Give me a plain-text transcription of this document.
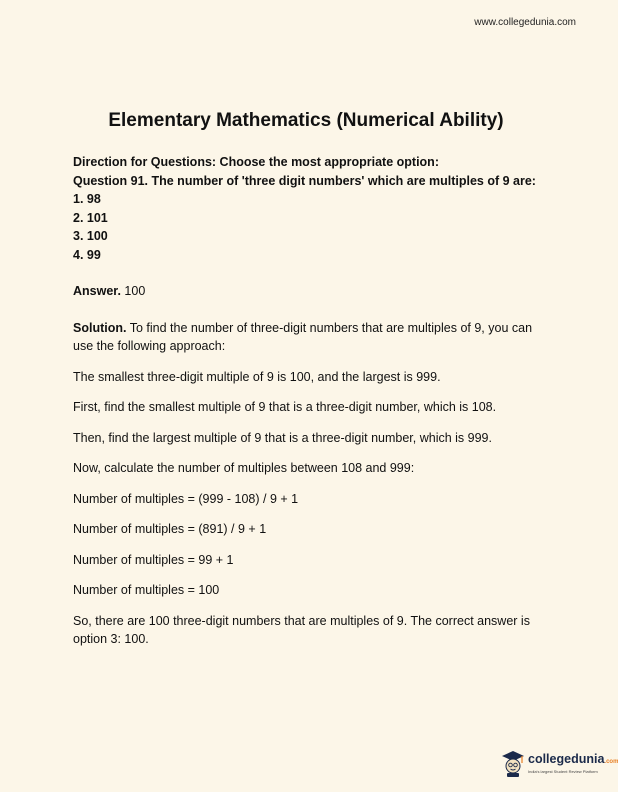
www.collegedunia.com
Elementary Mathematics (Numerical Ability)
Direction for Questions: Choose the most appropriate option:
Question 91. The number of 'three digit numbers' which are multiples of 9 are:
1. 98
2. 101
3. 100
4. 99
Answer. 100
Solution. To find the number of three-digit numbers that are multiples of 9, you can use the following approach:
The smallest three-digit multiple of 9 is 100, and the largest is 999.
First, find the smallest multiple of 9 that is a three-digit number, which is 108.
Then, find the largest multiple of 9 that is a three-digit number, which is 999.
Now, calculate the number of multiples between 108 and 999:
Number of multiples = (999 - 108) / 9 + 1
Number of multiples = (891) / 9 + 1
Number of multiples = 99 + 1
Number of multiples = 100
So, there are 100 three-digit numbers that are multiples of 9. The correct answer is option 3: 100.
collegedunia.com
India's largest Student Review Platform
